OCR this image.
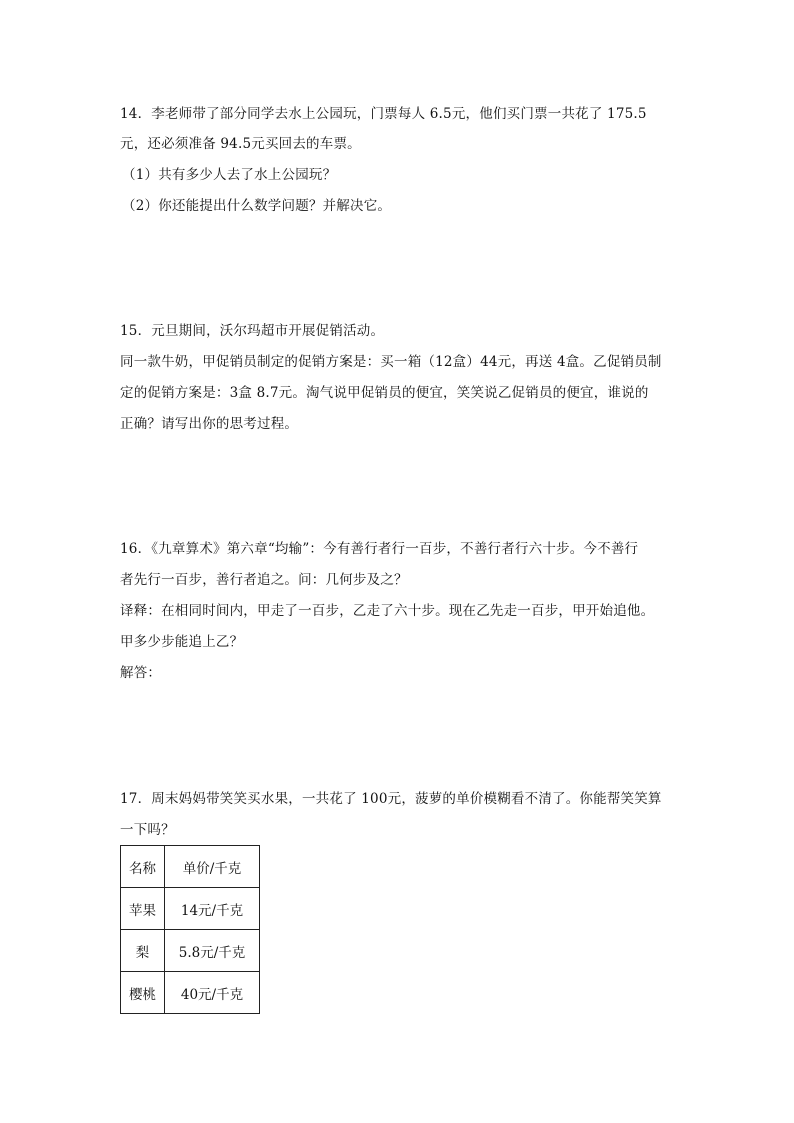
14．李老师带了部分同学去水上公园玩，门票每人 6.5元，他们买门票一共花了 175.5
元，还必须准备 94.5元买回去的车票。
（1）共有多少人去了水上公园玩？
（2）你还能提出什么数学问题？并解决它。
15．元旦期间，沃尔玛超市开展促销活动。
同一款牛奶，甲促销员制定的促销方案是：买一箱（12盒）44元，再送 4盒。乙促销员制
定的促销方案是：3盒 8.7元。淘气说甲促销员的便宜，笑笑说乙促销员的便宜，谁说的
正确？请写出你的思考过程。
16．《九章算术》第六章“均输”：今有善行者行一百步，不善行者行六十步。今不善行
者先行一百步，善行者追之。问：几何步及之？
译释：在相同时间内，甲走了一百步，乙走了六十步。现在乙先走一百步，甲开始追他。
甲多少步能追上乙？
解答：
17．周末妈妈带笑笑买水果，一共花了 100元，菠萝的单价模糊看不清了。你能帮笑笑算
一下吗？
名称	单价/千克
苹果	14元/千克
梨	5.8元/千克
樱桃	40元/千克
